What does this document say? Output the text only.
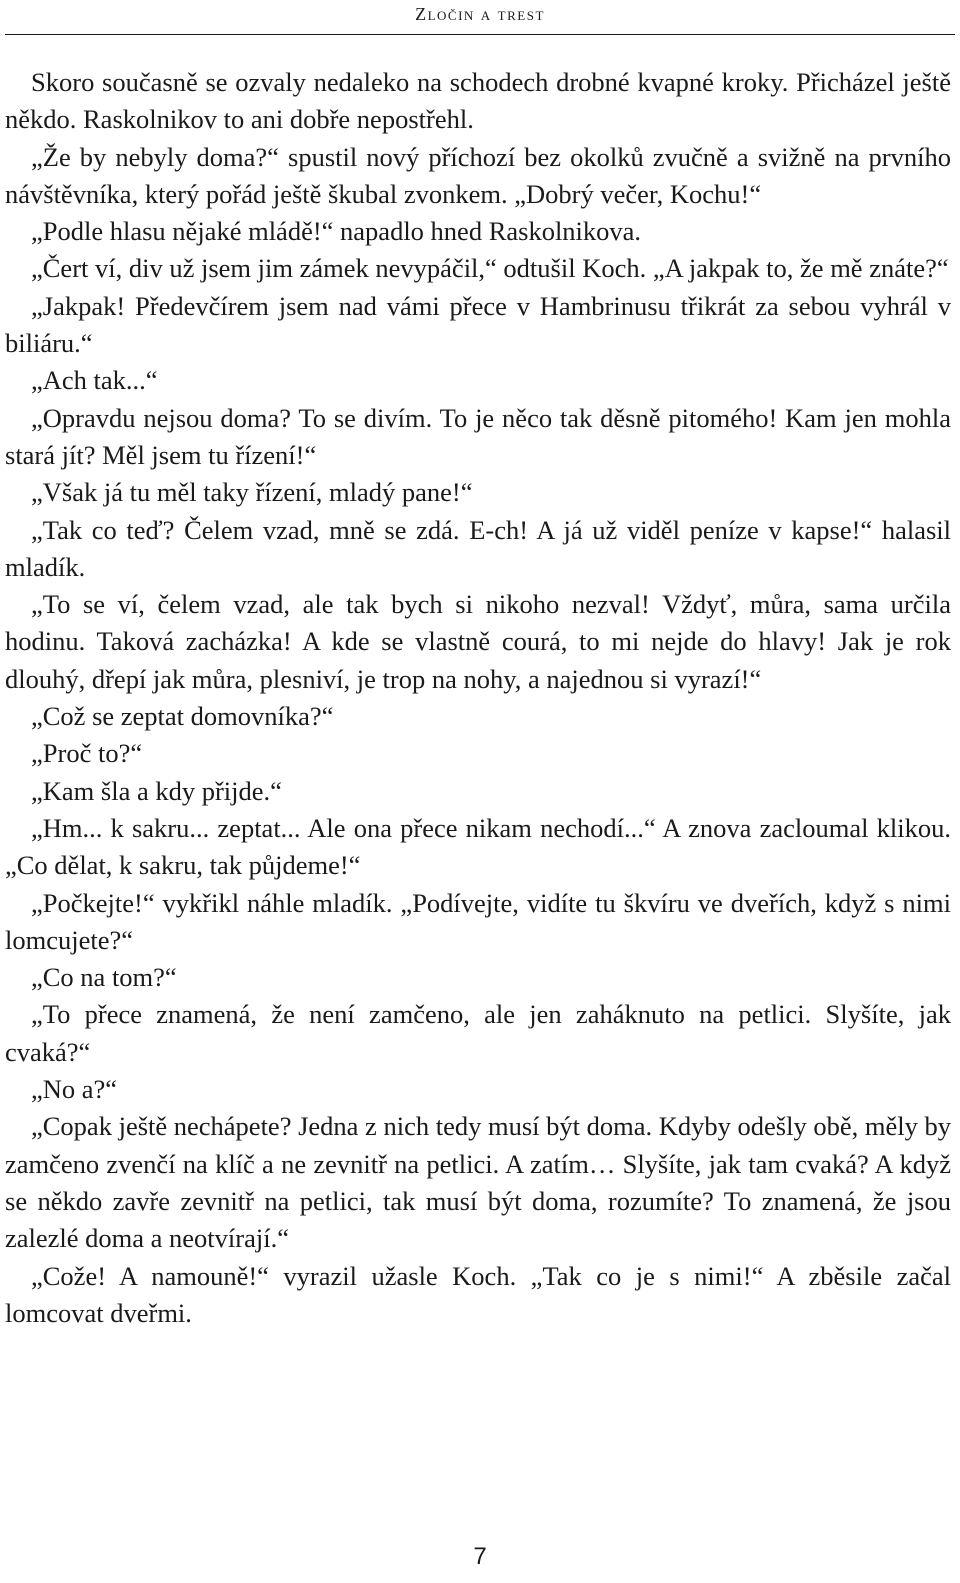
Zločin a trest

Skoro současně se ozvaly nedaleko na schodech drobné kvapné kroky. Přicházel ještě někdo. Raskolnikov to ani dobře nepostřehl.

„Že by nebyly doma?“ spustil nový příchozí bez okolků zvučně a svižně na prvního návštěvníka, který pořád ještě škubal zvonkem. „Dobrý večer, Kochu!“

„Podle hlasu nějaké mládě!“ napadlo hned Raskolnikova.

„Čert ví, div už jsem jim zámek nevypáčil,“ odtušil Koch. „A jakpak to, že mě znáte?“

„Jakpak! Předevčírem jsem nad vámi přece v Hambrinusu třikrát za sebou vyhrál v biliáru.“

„Ach tak...“

„Opravdu nejsou doma? To se divím. To je něco tak děsně pitomého! Kam jen mohla stará jít? Měl jsem tu řízení!“

„Však já tu měl taky řízení, mladý pane!“

„Tak co teď? Čelem vzad, mně se zdá. E-ch! A já už viděl peníze v kapse!“ halasil mladík.

„To se ví, čelem vzad, ale tak bych si nikoho nezval! Vždyť, můra, sama určila hodinu. Taková zacházka! A kde se vlastně courá, to mi nejde do hlavy! Jak je rok dlouhý, dřepí jak můra, plesniví, je trop na nohy, a najednou si vyrazí!“

„Což se zeptat domovníka?“

„Proč to?“

„Kam šla a kdy přijde.“

„Hm... k sakru... zeptat... Ale ona přece nikam nechodí...“ A znova zacloumal klikou. „Co dělat, k sakru, tak půjdeme!“

„Počkejte!“ vykřikl náhle mladík. „Podívejte, vidíte tu škvíru ve dveřích, když s nimi lomcujete?“

„Co na tom?“

„To přece znamená, že není zamčeno, ale jen zaháknuto na petlici. Slyšíte, jak cvaká?“

„No a?“

„Copak ještě nechápete? Jedna z nich tedy musí být doma. Kdyby odešly obě, měly by zamčeno zvenčí na klíč a ne zevnitř na petlici. A zatím… Slyšíte, jak tam cvaká? A když se někdo zavře zevnitř na petlici, tak musí být doma, rozumíte? To znamená, že jsou zalezlé doma a neotvírají.“

„Cože! A namouně!“ vyrazil užasle Koch. „Tak co je s nimi!“ A zběsile začal lomcovat dveřmi.

7
